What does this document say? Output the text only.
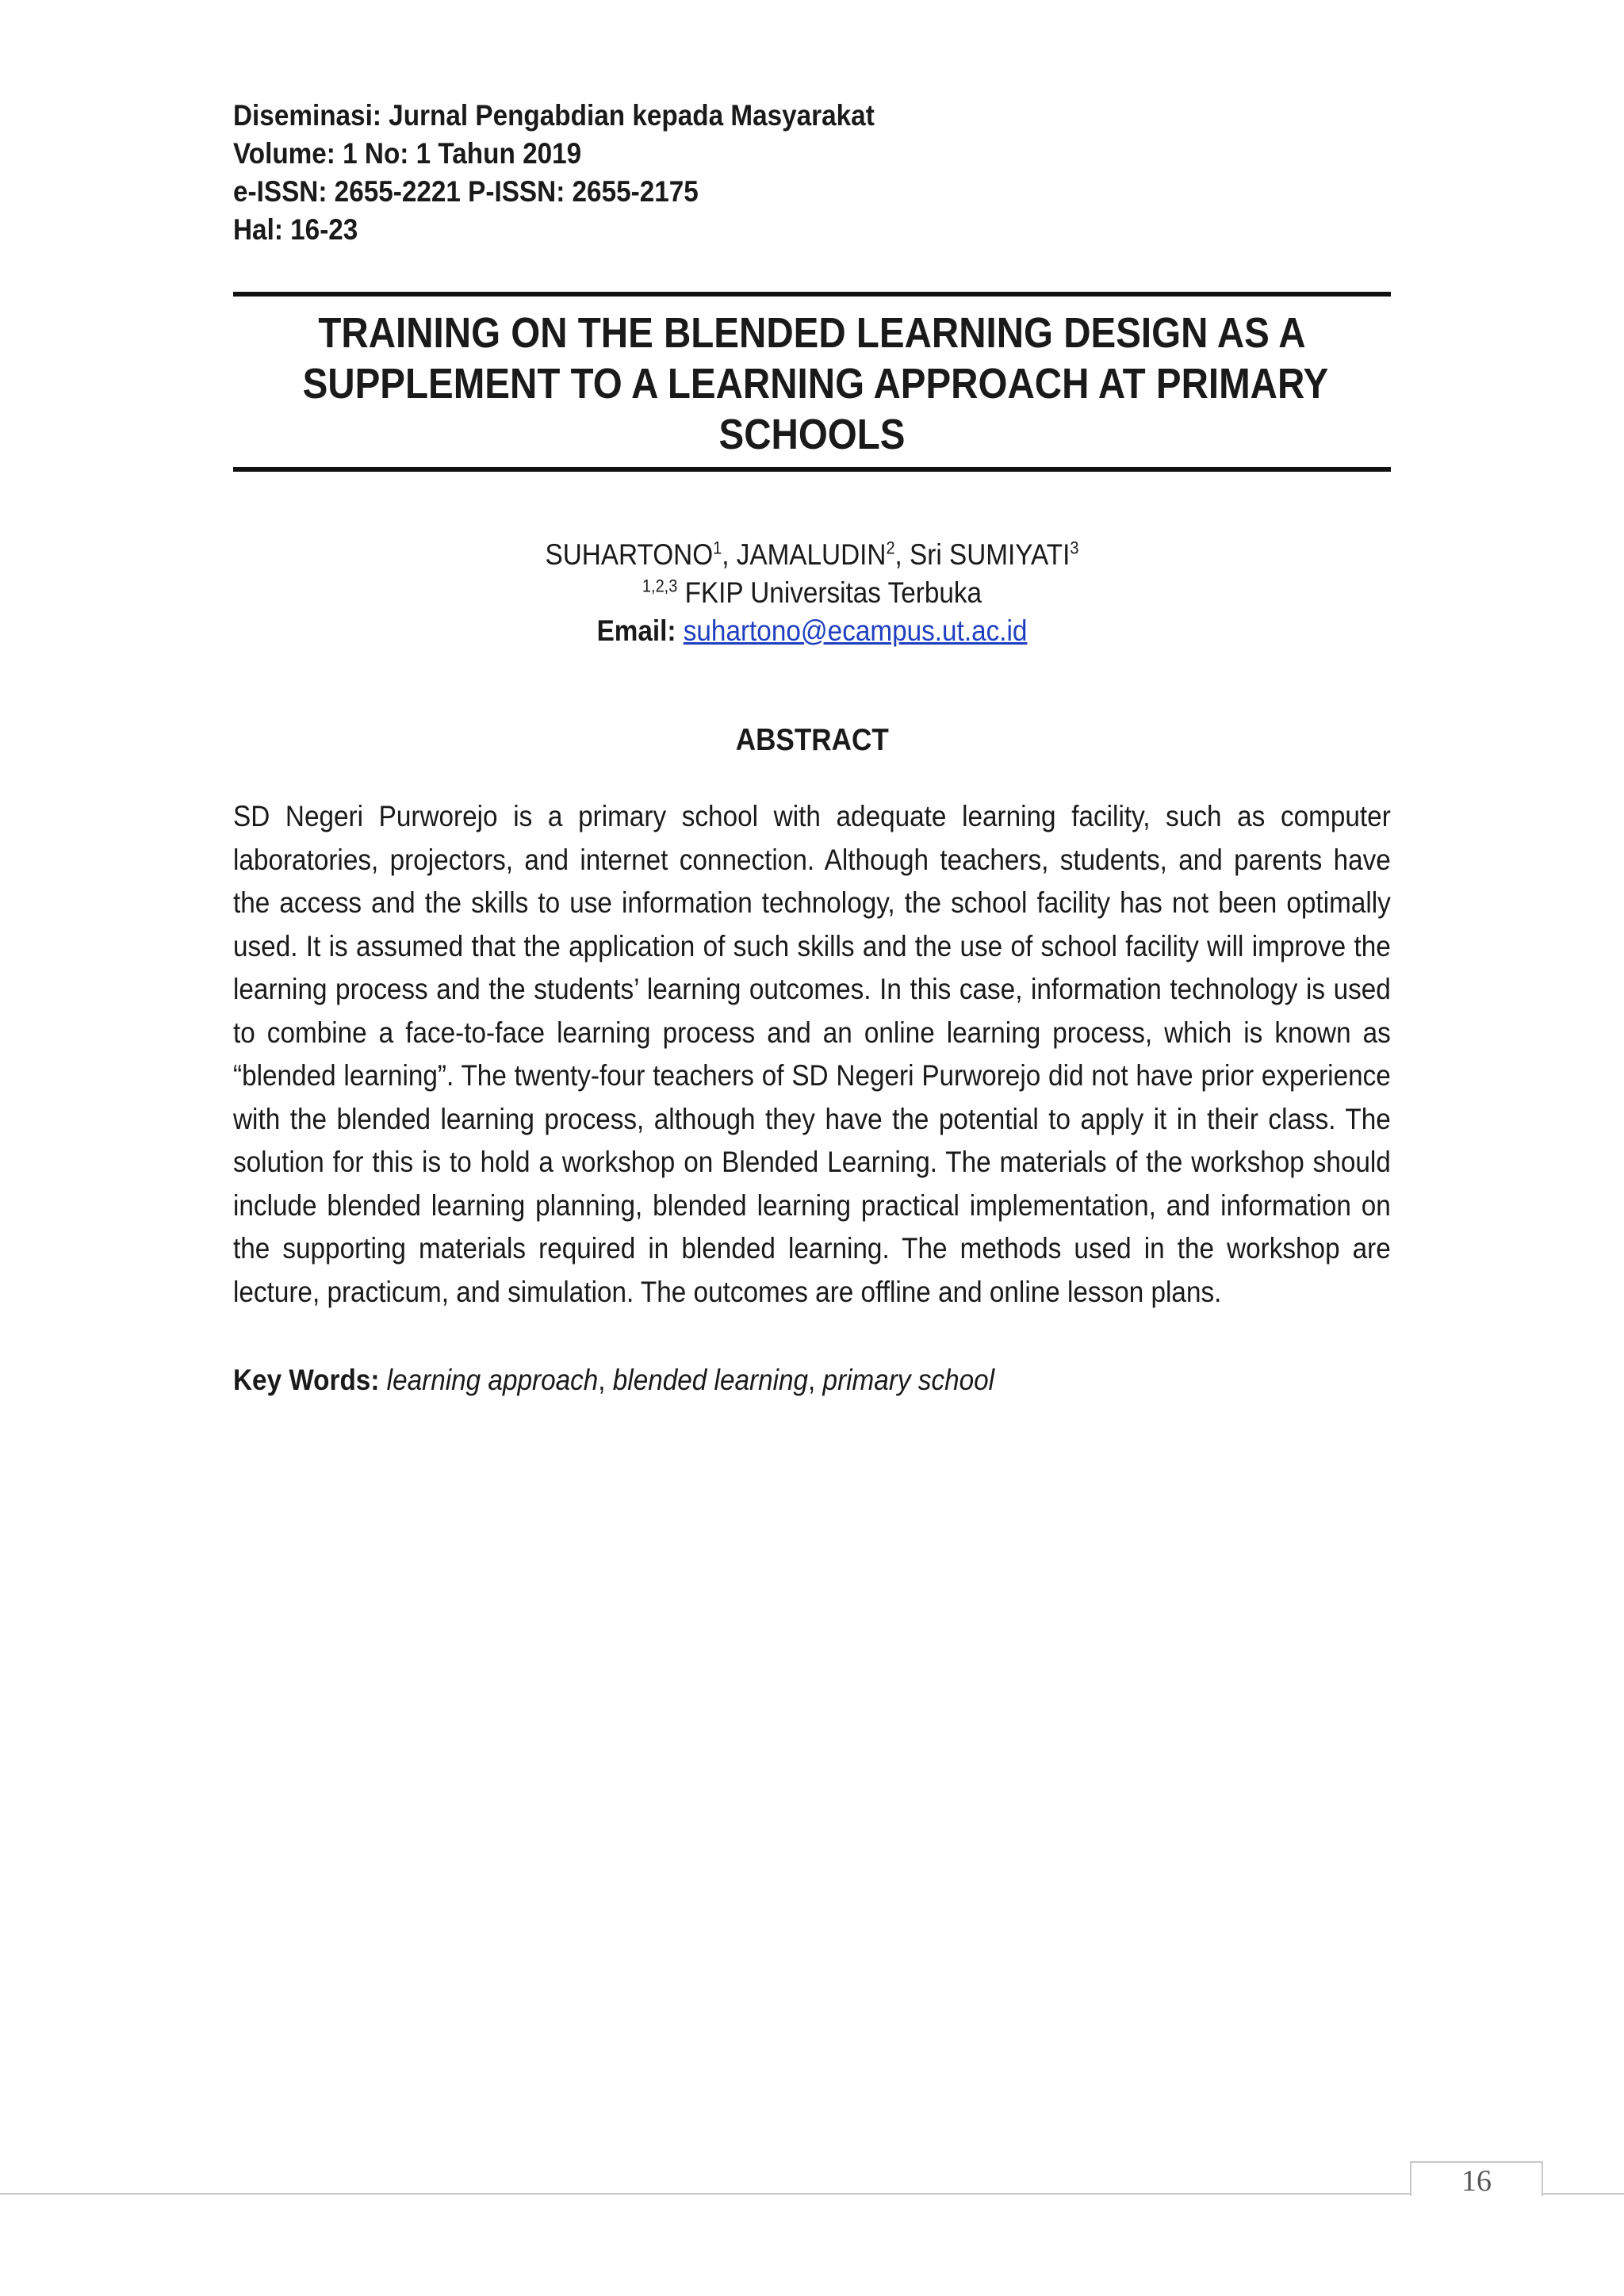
Diseminasi: Jurnal Pengabdian kepada Masyarakat
Volume: 1 No: 1 Tahun 2019
e-ISSN: 2655-2221 P-ISSN: 2655-2175
Hal: 16-23
TRAINING ON THE BLENDED LEARNING DESIGN AS A
SUPPLEMENT TO A LEARNING APPROACH AT PRIMARY
SCHOOLS
SUHARTONO$^1$, JAMALUDIN$^2$, Sri SUMIYATI$^3$
$^{1,2,3}$ FKIP Universitas Terbuka
Email: suhartono@ecampus.ut.ac.id
ABSTRACT
SD Negeri Purworejo is a primary school with adequate learning facility, such as computer laboratories, projectors, and internet connection. Although teachers, students, and parents have the access and the skills to use information technology, the school facility has not been optimally used. It is assumed that the application of such skills and the use of school facility will improve the learning process and the students’ learning outcomes. In this case, information technology is used to combine a face-to-face learning process and an online learning process, which is known as “blended learning”. The twenty-four teachers of SD Negeri Purworejo did not have prior experience with the blended learning process, although they have the potential to apply it in their class. The solution for this is to hold a workshop on Blended Learning. The materials of the workshop should include blended learning planning, blended learning practical implementation, and information on the supporting materials required in blended learning. The methods used in the workshop are lecture, practicum, and simulation. The outcomes are offline and online lesson plans.
Key Words: learning approach, blended learning, primary school
16
